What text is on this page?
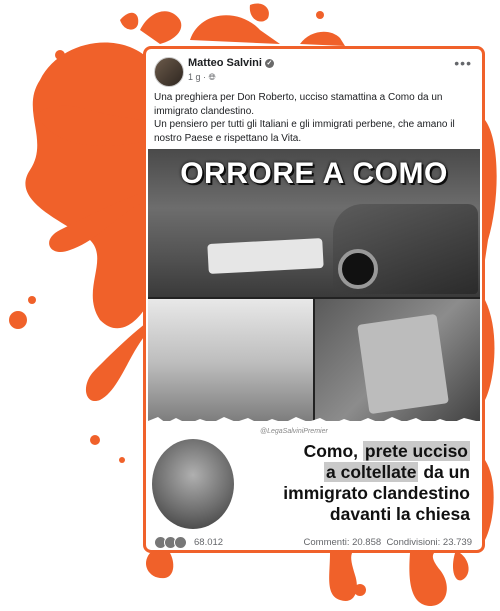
Matteo Salvini ✓
1 g · 🌐︎
•••
Una preghiera per Don Roberto, ucciso stamattina a Como da un immigrato clandestino.
Un pensiero per tutti gli Italiani e gli immigrati perbene, che amano il nostro Paese e rispettano la Vita.
ORRORE A COMO
@LegaSalviniPremier
Como, prete ucciso
a coltellate da un
immigrato clandestino
davanti la chiesa
68.012	Commenti: 20.858 Condivisioni: 23.739
